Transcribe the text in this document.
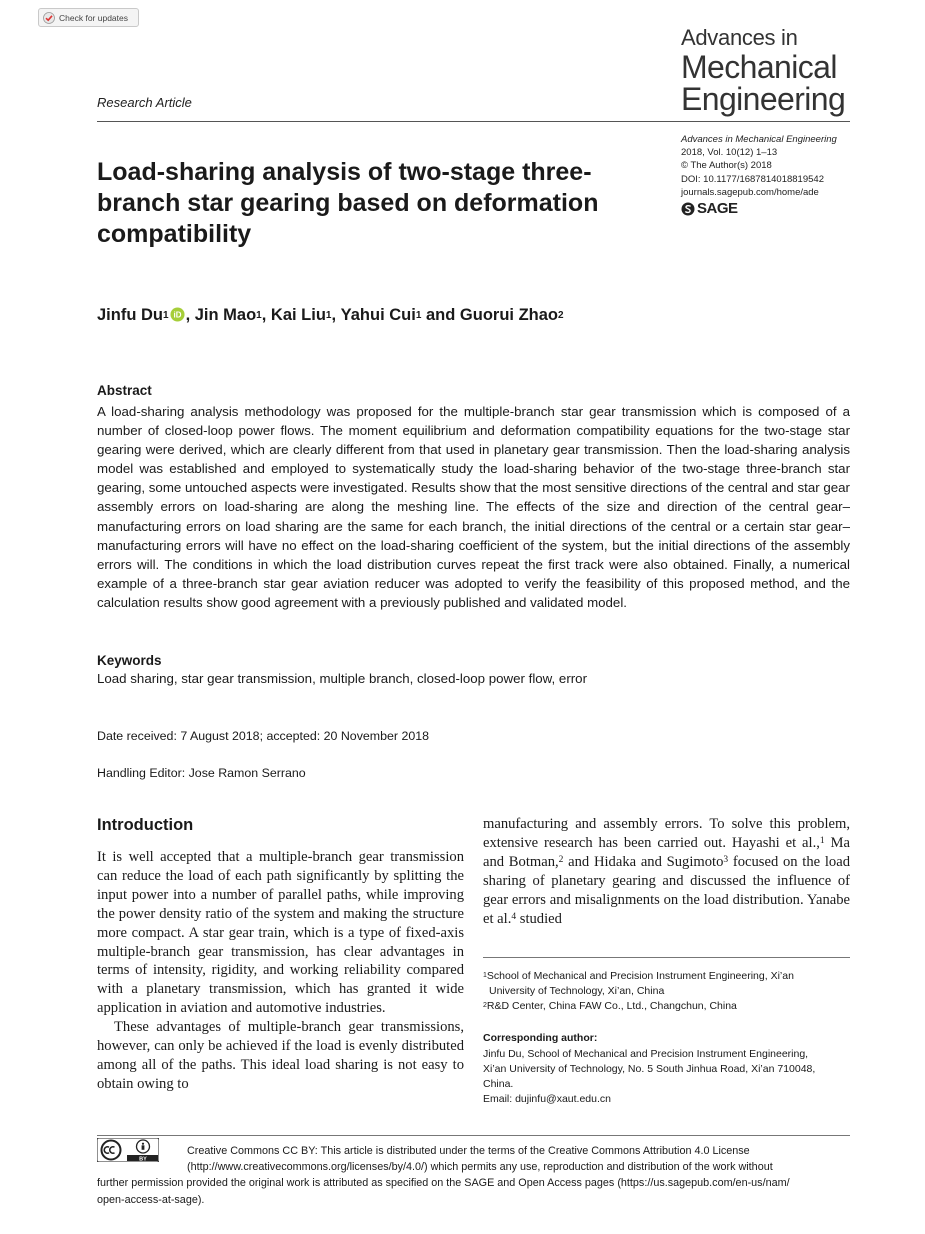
Check for updates
Advances in
Mechanical
Engineering
Research Article
Advances in Mechanical Engineering
2018, Vol. 10(12) 1–13
© The Author(s) 2018
DOI: 10.1177/1687814018819542
journals.sagepub.com/home/ade
SAGE
Load-sharing analysis of two-stage three-branch star gearing based on deformation compatibility
Jinfu Du$^1$ iD , Jin Mao$^1$ , Kai Liu$^1$ , Yahui Cui$^1$ and Guorui Zhao$^2$
Abstract

A load-sharing analysis methodology was proposed for the multiple-branch star gear transmission which is composed of a number of closed-loop power flows. The moment equilibrium and deformation compatibility equations for the two-stage star gearing were derived, which are clearly different from that used in planetary gear transmission. Then the load-sharing analysis model was established and employed to systematically study the load-sharing behavior of the two-stage three-branch star gearing, some untouched aspects were investigated. Results show that the most sensitive directions of the central and star gear assembly errors on load-sharing are along the meshing line. The effects of the size and direction of the central gear–manufacturing errors on load sharing are the same for each branch, the initial directions of the central or a certain star gear–manufacturing errors will have no effect on the load-sharing coefficient of the system, but the initial directions of the assembly errors will. The conditions in which the load distribution curves repeat the first track were also obtained. Finally, a numerical example of a three-branch star gear aviation reducer was adopted to verify the feasibility of this proposed method, and the calculation results show good agreement with a previously published and validated model.

Keywords
Load sharing, star gear transmission, multiple branch, closed-loop power flow, error
Date received: 7 August 2018; accepted: 20 November 2018
Handling Editor: Jose Ramon Serrano
Introduction

It is well accepted that a multiple-branch gear transmission can reduce the load of each path significantly by splitting the input power into a number of parallel paths, while improving the power density ratio of the system and making the structure more compact. A star gear train, which is a type of fixed-axis multiple-branch gear transmission, has clear advantages in terms of intensity, rigidity, and working reliability compared with a planetary transmission, which has granted it wide application in aviation and automotive industries.

These advantages of multiple-branch gear transmissions, however, can only be achieved if the load is evenly distributed among all of the paths. This ideal load sharing is not easy to obtain owing to

manufacturing and assembly errors. To solve this problem, extensive research has been carried out. Hayashi et al.,$^1$ Ma and Botman,$^2$ and Hidaka and Sugimoto$^3$ focused on the load sharing of planetary gearing and discussed the influence of gear errors and misalignments on the load distribution. Yanabe et al.$^4$ studied

$^1$School of Mechanical and Precision Instrument Engineering, Xi’an
University of Technology, Xi’an, China
$^2$R&D Center, China FAW Co., Ltd., Changchun, China
Corresponding author:
Jinfu Du, School of Mechanical and Precision Instrument Engineering,
Xi’an University of Technology, No. 5 South Jinhua Road, Xi’an 710048,
China.
Email: dujinfu@xaut.edu.cn
BY
Creative Commons CC BY: This article is distributed under the terms of the Creative Commons Attribution 4.0 License
(http://www.creativecommons.org/licenses/by/4.0/) which permits any use, reproduction and distribution of the work without
further permission provided the original work is attributed as specified on the SAGE and Open Access pages (https://us.sagepub.com/en-us/nam/
open-access-at-sage).
